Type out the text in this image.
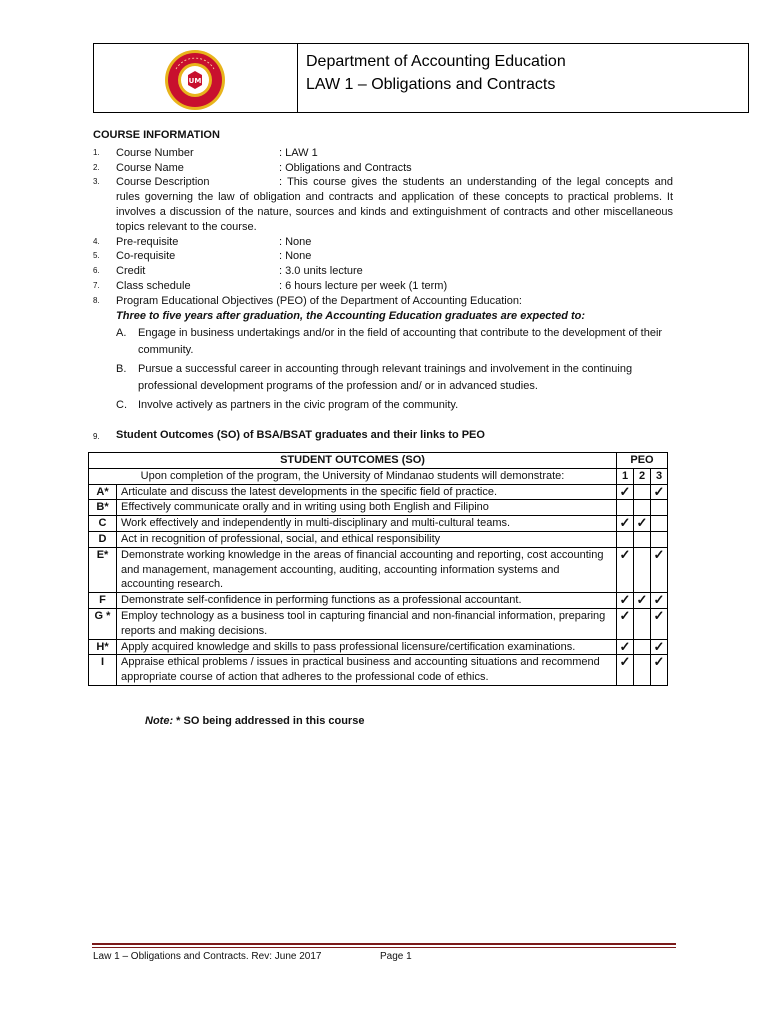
UM
Department of Accounting Education
LAW 1 – Obligations and Contracts
COURSE INFORMATION
1.	Course Number	: LAW 1
2.	Course Name	: Obligations and Contracts
3.	Course Description	: This course gives the students an understanding of the legal concepts and rules governing the law of obligation and contracts and application of these concepts to practical problems. It involves a discussion of the nature, sources and kinds and extinguishment of contracts and other miscellaneous topics relevant to the course.
4.	Pre-requisite	: None
5.	Co-requisite	: None
6.	Credit	: 3.0 units lecture
7.	Class schedule	: 6 hours lecture per week (1 term)
8.	Program Educational Objectives (PEO) of the Department of Accounting Education:
Three to five years after graduation, the Accounting Education graduates are expected to:
A.	Engage in business undertakings and/or in the field of accounting that contribute to the development of their community.
B.	Pursue a successful career in accounting through relevant trainings and involvement in the continuing professional development programs of the profession and/ or in advanced studies.
C.	Involve actively as partners in the civic program of the community.
9.	Student Outcomes (SO) of BSA/BSAT graduates and their links to PEO
STUDENT OUTCOMES (SO)		PEO		
Upon completion of the program, the University of Mindanao students will demonstrate:		1	2	3
A*	Articulate and discuss the latest developments in the specific field of practice.	✓		✓
B*	Effectively communicate orally and in writing using both English and Filipino			
C	Work effectively and independently in multi-disciplinary and multi-cultural teams.	✓	✓	
D	Act in recognition of professional, social, and ethical responsibility			
E*	Demonstrate working knowledge in the areas of financial accounting and reporting, cost accounting and management, management accounting, auditing, accounting information systems and accounting research.	✓		✓
F	Demonstrate self-confidence in performing functions as a professional accountant.	✓	✓	✓
G *	Employ technology as a business tool in capturing financial and non-financial information, preparing reports and making decisions.	✓		✓
H*	Apply acquired knowledge and skills to pass professional licensure/certification examinations.	✓		✓
I	Appraise ethical problems / issues in practical business and accounting situations and recommend appropriate course of action that adheres to the professional code of ethics.	✓		✓
Note: * SO being addressed in this course
Law 1 – Obligations and Contracts. Rev: June 2017	Page 1
